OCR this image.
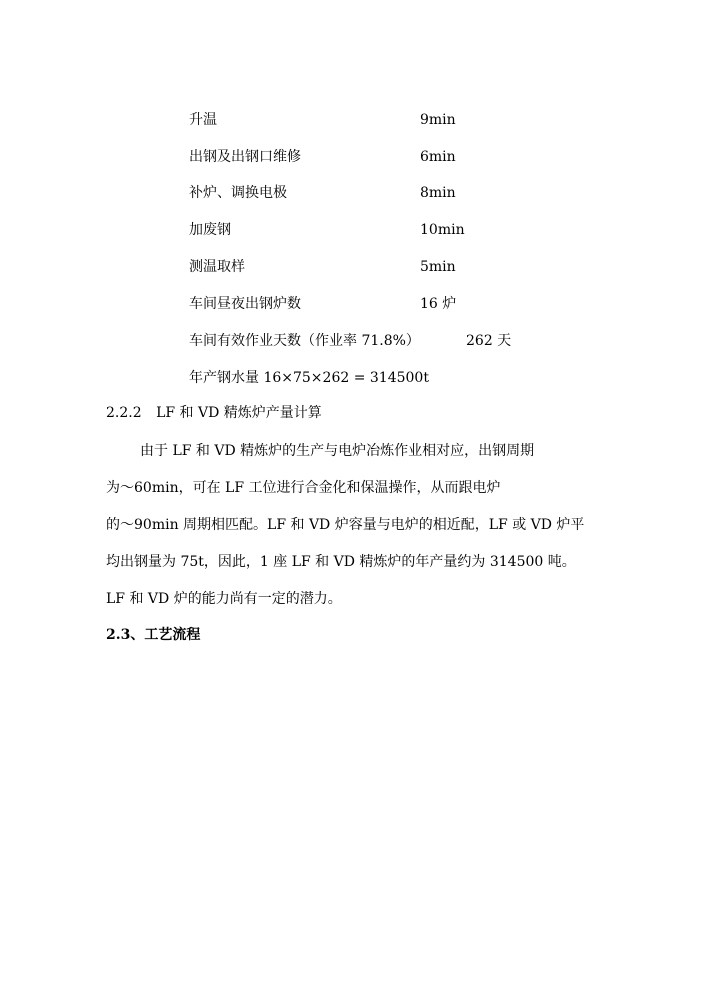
升温	9min
出钢及出钢口维修	6min
补炉、调换电极	8min
加废钢	10min
测温取样	5min
车间昼夜出钢炉数	16 炉
车间有效作业天数（作业率 71.8%）	262 天
年产钢水量 16×75×262 = 314500t
2.2.2 LF 和 VD 精炼炉产量计算
由于 LF 和 VD 精炼炉的生产与电炉冶炼作业相对应，出钢周期
为～60min，可在 LF 工位进行合金化和保温操作，从而跟电炉
的～90min 周期相匹配。LF 和 VD 炉容量与电炉的相近配，LF 或 VD 炉平
均出钢量为 75t，因此，1 座 LF 和 VD 精炼炉的年产量约为 314500 吨。
LF 和 VD 炉的能力尚有一定的潜力。
2.3、工艺流程
